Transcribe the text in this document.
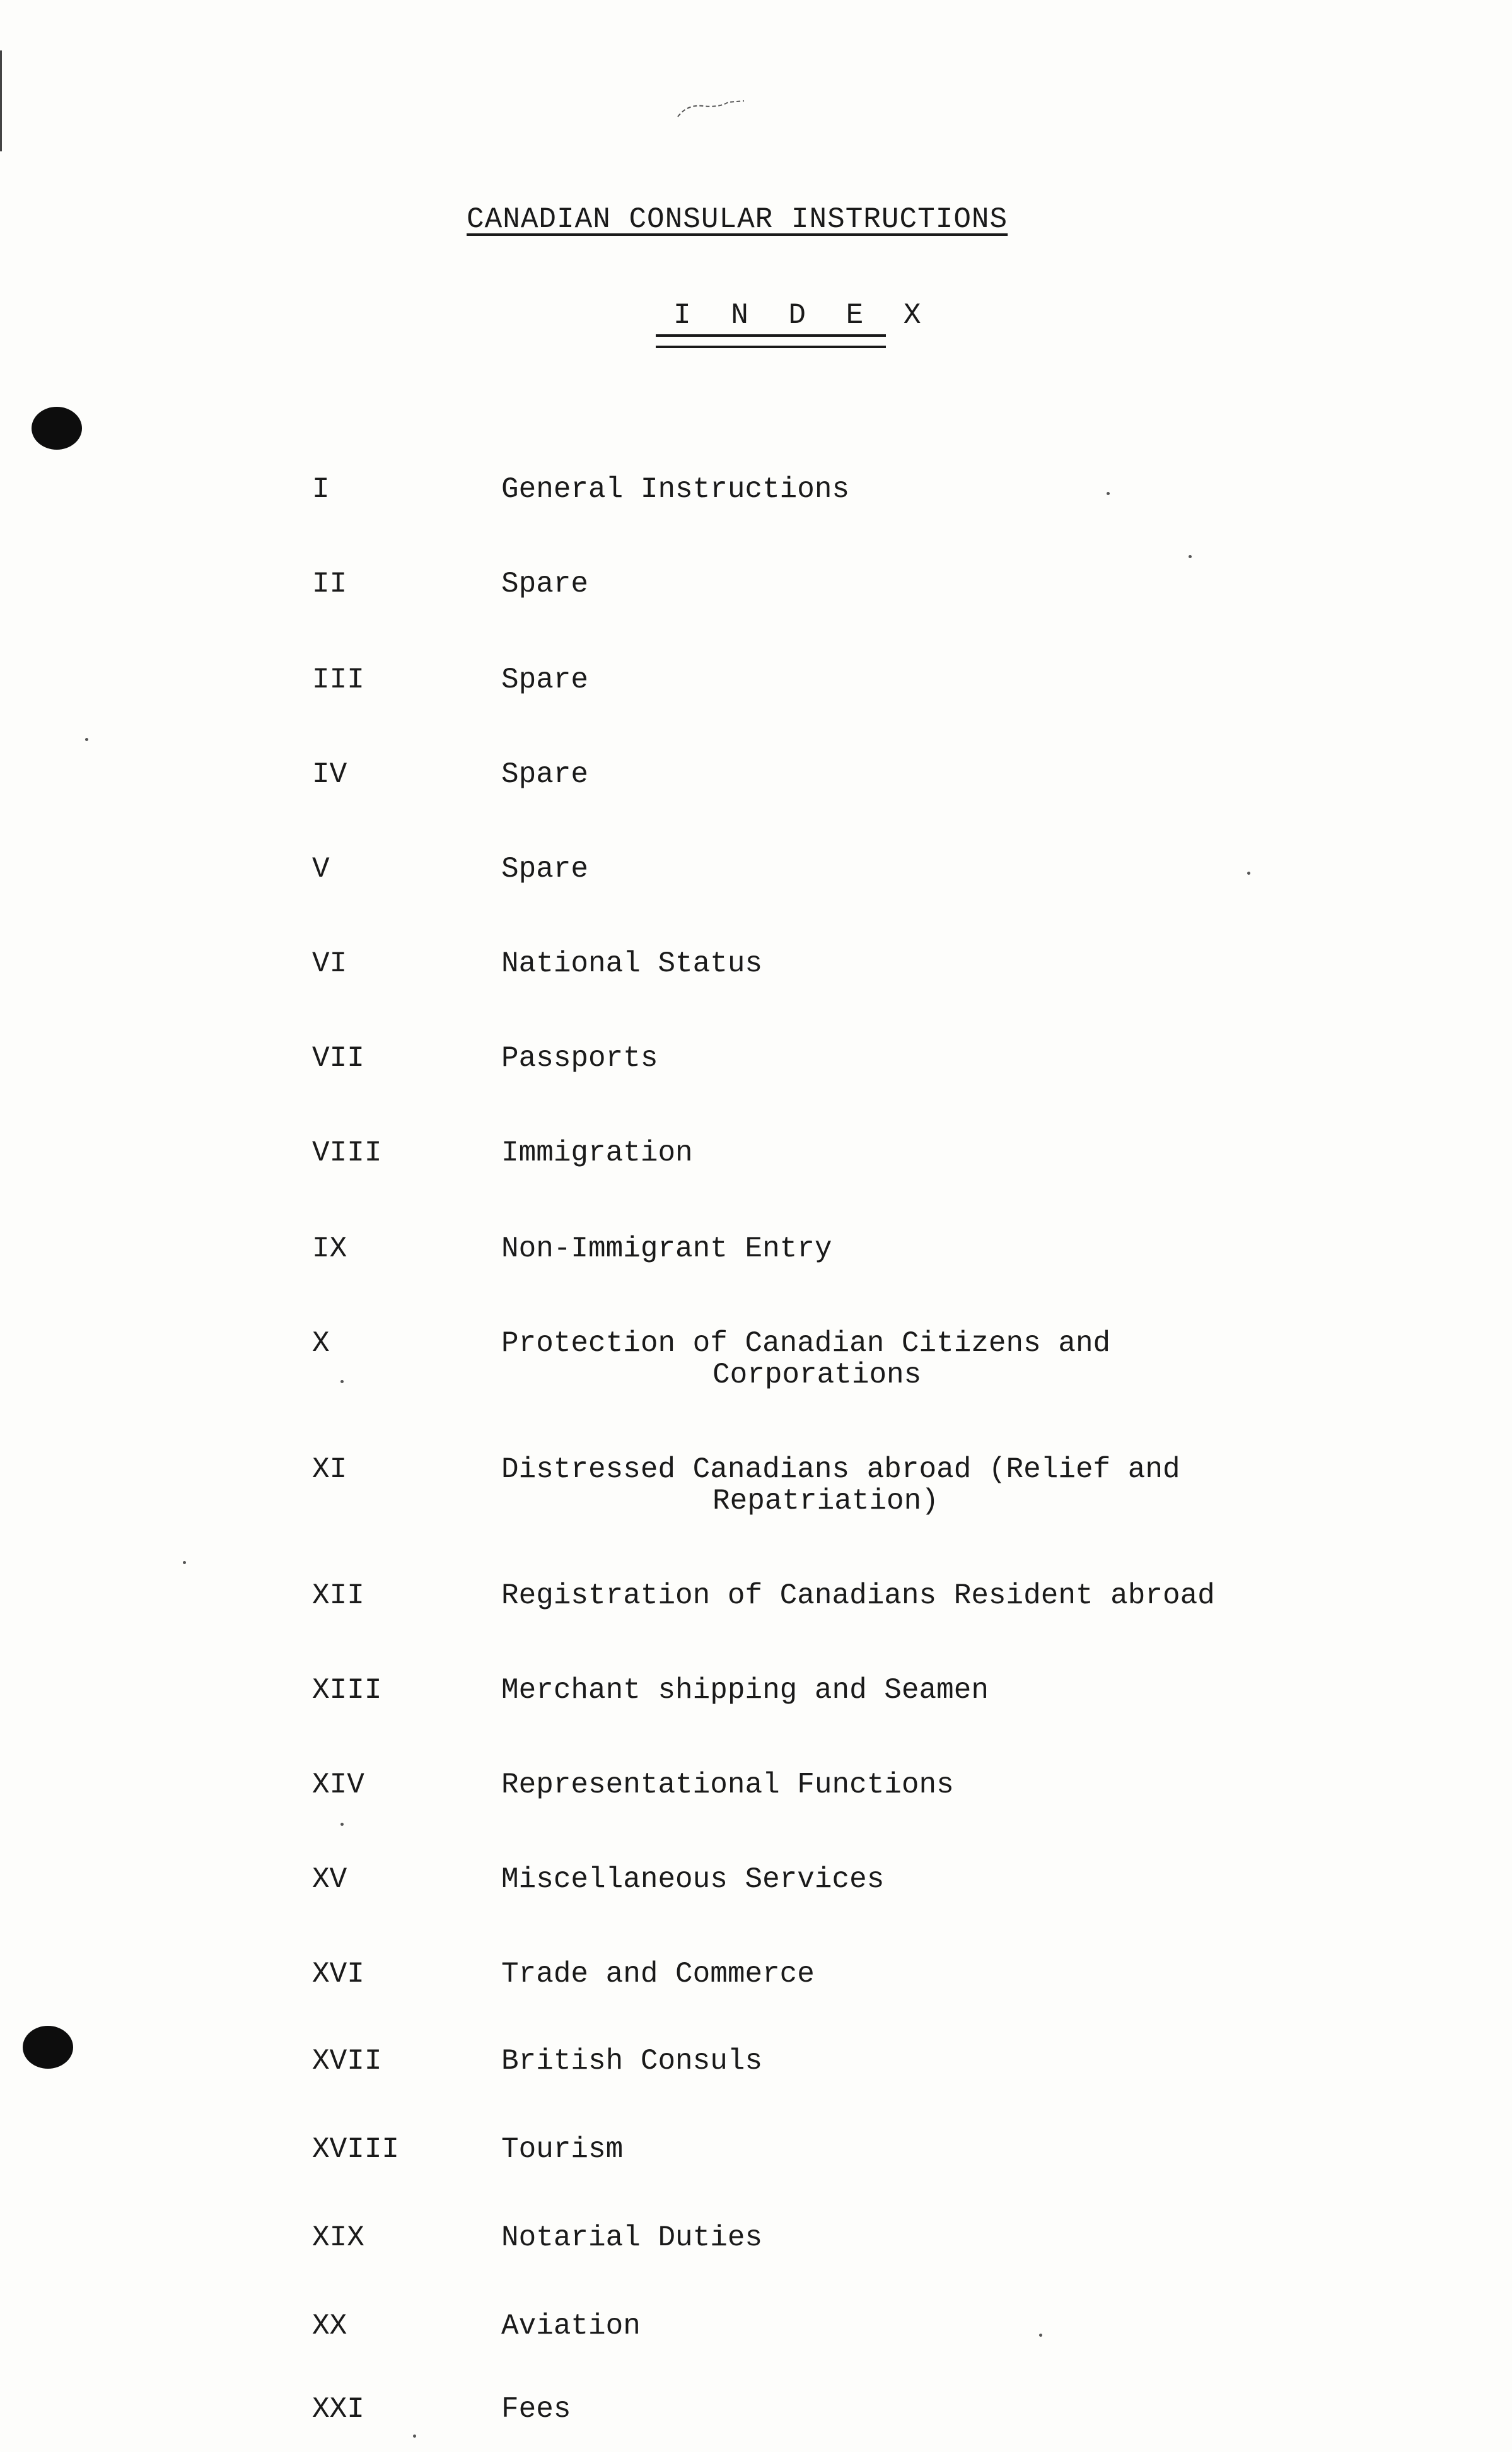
CANADIAN CONSULAR INSTRUCTIONS
I N D E X
I	General Instructions
II	Spare
III	Spare
IV	Spare
V	Spare
VI	National Status
VII	Passports
VIII	Immigration
IX	Non-Immigrant Entry
X	Protection of Canadian Citizens and
Corporations
XI	Distressed Canadians abroad (Relief and
Repatriation)
XII	Registration of Canadians Resident abroad
XIII	Merchant shipping and Seamen
XIV	Representational Functions
XV	Miscellaneous Services
XVI	Trade and Commerce
XVII	British Consuls
XVIII	Tourism
XIX	Notarial Duties
XX	Aviation
XXI	Fees
